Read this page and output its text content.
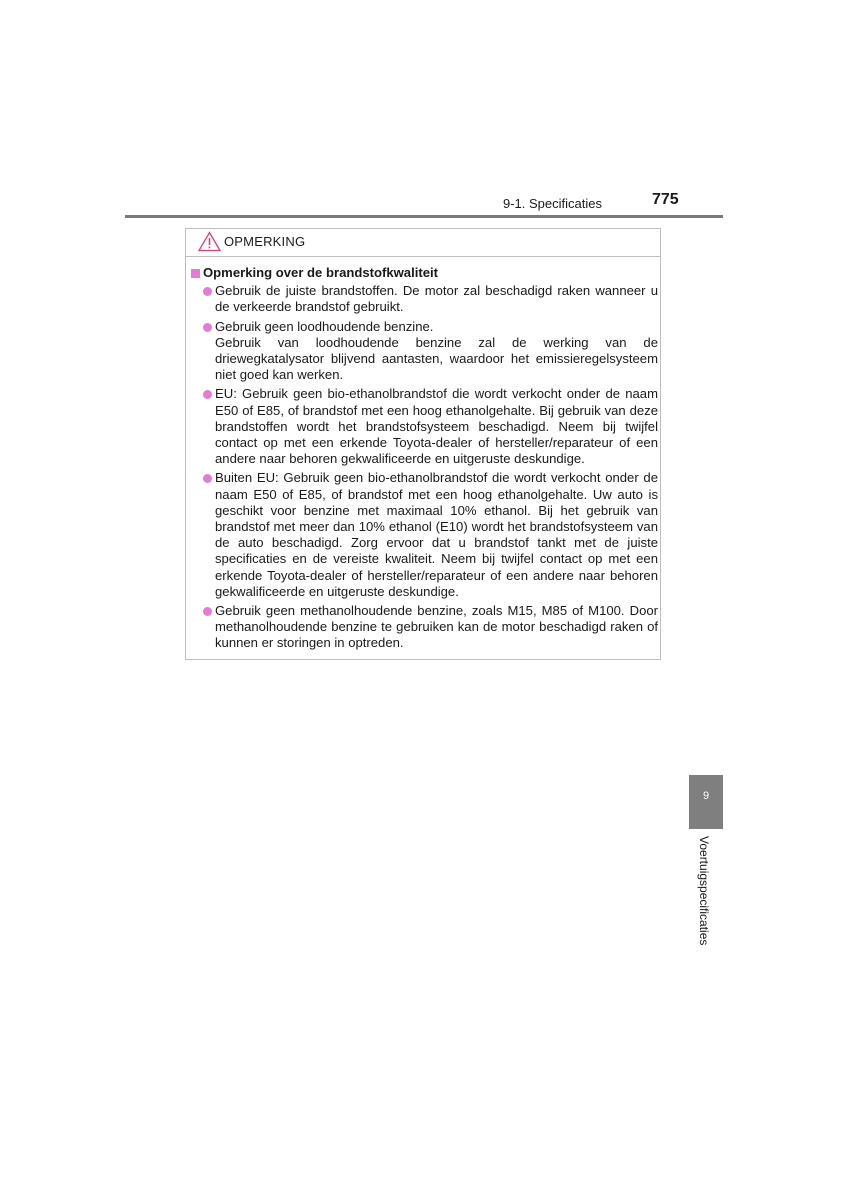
9-1. Specificaties	775
OPMERKING
Opmerking over de brandstofkwaliteit
Gebruik de juiste brandstoffen. De motor zal beschadigd raken wanneer u de verkeerde brandstof gebruikt.
Gebruik geen loodhoudende benzine.
Gebruik van loodhoudende benzine zal de werking van de driewegkatalysator blijvend aantasten, waardoor het emissieregelsysteem niet goed kan werken.
EU: Gebruik geen bio-ethanolbrandstof die wordt verkocht onder de naam E50 of E85, of brandstof met een hoog ethanolgehalte. Bij gebruik van deze brandstoffen wordt het brandstofsysteem beschadigd. Neem bij twijfel contact op met een erkende Toyota-dealer of hersteller/reparateur of een andere naar behoren gekwalificeerde en uitgeruste deskundige.
Buiten EU: Gebruik geen bio-ethanolbrandstof die wordt verkocht onder de naam E50 of E85, of brandstof met een hoog ethanolgehalte. Uw auto is geschikt voor benzine met maximaal 10% ethanol. Bij het gebruik van brandstof met meer dan 10% ethanol (E10) wordt het brandstofsysteem van de auto beschadigd. Zorg ervoor dat u brandstof tankt met de juiste specificaties en de vereiste kwaliteit. Neem bij twijfel contact op met een erkende Toyota-dealer of hersteller/reparateur of een andere naar behoren gekwalificeerde en uitgeruste deskundige.
Gebruik geen methanolhoudende benzine, zoals M15, M85 of M100. Door methanolhoudende benzine te gebruiken kan de motor beschadigd raken of kunnen er storingen in optreden.
9
Voertuigspecificaties
